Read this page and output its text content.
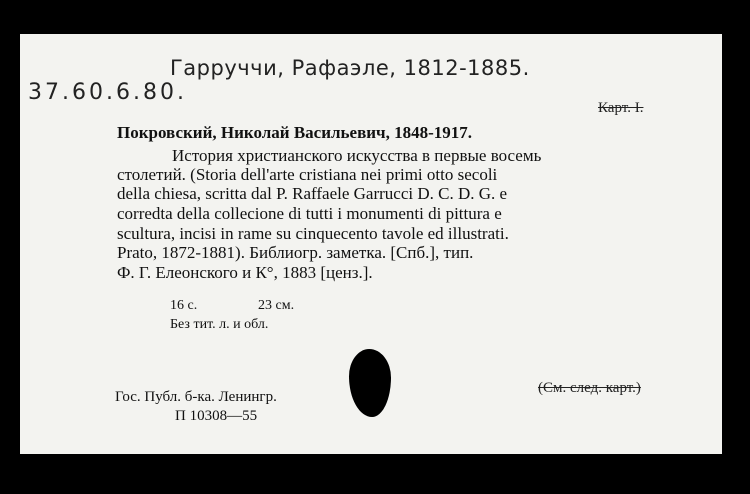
Гарруччи, Рафаэле, 1812-1885.
37.60.6.80.
Карт. I.
Покровский, Николай Васильевич, 1848-1917.
История христианского искусства в первые восемь
столетий. (Storia dell'arte cristiana nei primi otto secoli
della chiesa, scritta dal P. Raffaele Garrucci D. C. D. G. e
corredta della collecione di tutti i monumenti di pittura e
scultura, incisi in rame su cinquecento tavole ed illustrati.
Prato, 1872-1881). Библиогр. заметка. [Спб.], тип.
Ф. Г. Елеонского и К°, 1883 [ценз.].
16 с.	23 см.
Без тит. л. и обл.
(См. след. карт.)
Гос. Публ. б-ка. Ленингр.
П 10308—55
